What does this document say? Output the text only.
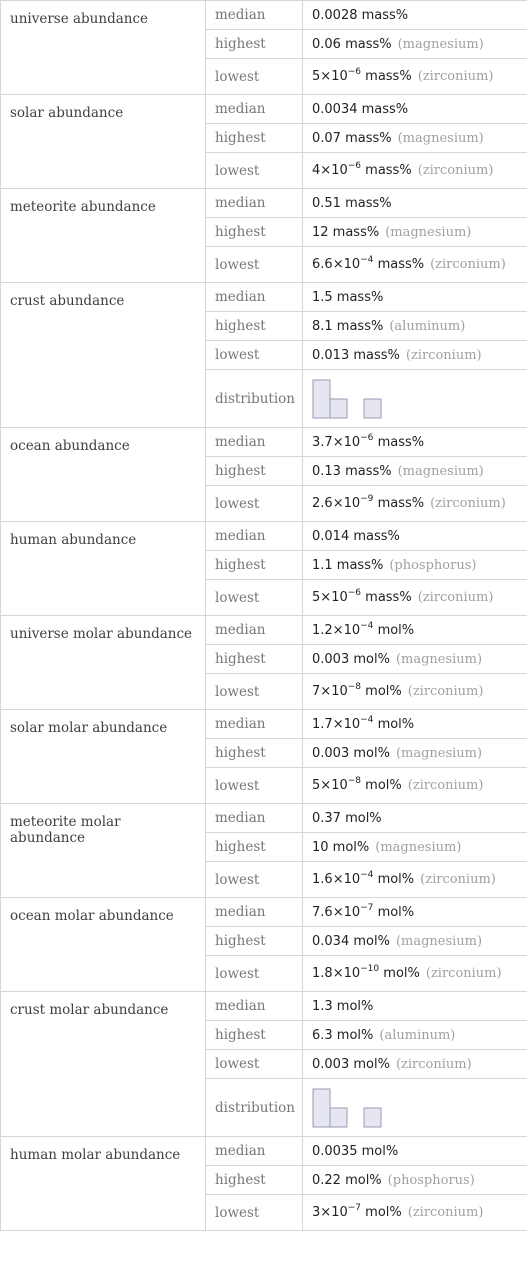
universe abundance	median	0.0028 mass%
	highest	0.06 mass% (magnesium)
	lowest	$5\times 10^{-6}$ mass% (zirconium)
solar abundance	median	0.0034 mass%
	highest	0.07 mass% (magnesium)
	lowest	$4\times 10^{-6}$ mass% (zirconium)
meteorite abundance	median	0.51 mass%
	highest	12 mass% (magnesium)
	lowest	$6.6\times 10^{-4}$ mass% (zirconium)
crust abundance	median	1.5 mass%
	highest	8.1 mass% (aluminum)
	lowest	0.013 mass% (zirconium)
	distribution	

ocean abundance	median	$3.7\times 10^{-6}$ mass%
	highest	0.13 mass% (magnesium)
	lowest	$2.6\times 10^{-9}$ mass% (zirconium)
human abundance	median	0.014 mass%
	highest	1.1 mass% (phosphorus)
	lowest	$5\times 10^{-6}$ mass% (zirconium)
universe molar abundance	median	$1.2\times 10^{-4}$ mol%
	highest	0.003 mol% (magnesium)
	lowest	$7\times 10^{-8}$ mol% (zirconium)
solar molar abundance	median	$1.7\times 10^{-4}$ mol%
	highest	0.003 mol% (magnesium)
	lowest	$5\times 10^{-8}$ mol% (zirconium)
meteorite molar abundance	median	0.37 mol%
	highest	10 mol% (magnesium)
	lowest	$1.6\times 10^{-4}$ mol% (zirconium)
ocean molar abundance	median	$7.6\times 10^{-7}$ mol%
	highest	0.034 mol% (magnesium)
	lowest	$1.8\times 10^{-10}$ mol% (zirconium)
crust molar abundance	median	1.3 mol%
	highest	6.3 mol% (aluminum)
	lowest	0.003 mol% (zirconium)
	distribution	

human molar abundance	median	0.0035 mol%
	highest	0.22 mol% (phosphorus)
	lowest	$3\times 10^{-7}$ mol% (zirconium)
